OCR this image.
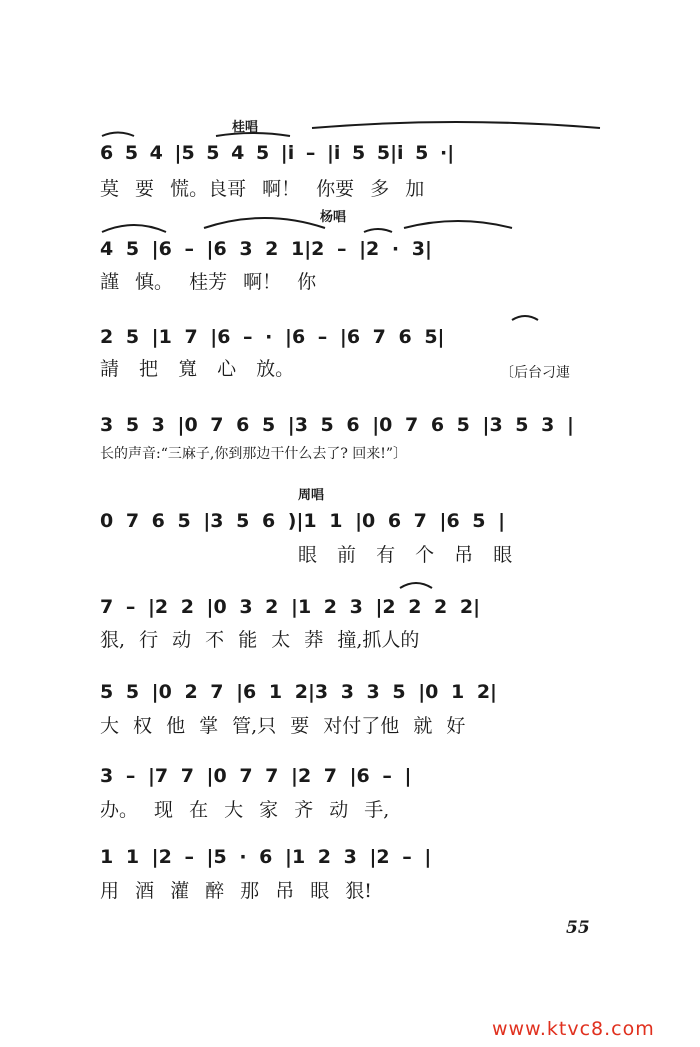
桂唱
6 5 4 |5 5 4 5 |i – |i 5 5|i 5 ·|
莫 要 慌。良哥 啊！ 你要 多 加
杨唱
4 5 |6 – |6 3 2 1|2 – |2 · 3|
謹 慎。 桂芳 啊！ 你
2 5 |1 7 |6 – · |6 – |6 7 6 5|
請 把 寬 心 放。	〔后台刁連
3 5 3 |0 7 6 5 |3 5 6 |0 7 6 5 |3 5 3 |
长的声音:“三麻子,你到那边干什么去了? 回来!”〕
周唱
0 7 6 5 |3 5 6 )|1 1 |0 6 7 |6 5 |
眼 前 有 个 吊 眼
7 – |2 2 |0 3 2 |1 2 3 |2 2 2 2|
狠, 行 动 不 能 太 莽 撞,抓人的
5 5 |0 2 7 |6 1 2|3 3 3 5 |0 1 2|
大 权 他 掌 管,只 要 对付了他 就 好
3 – |7 7 |0 7 7 |2 7 |6 – |
办。 现 在 大 家 齐 动 手,
1 1 |2 – |5 · 6 |1 2 3 |2 – |
用 酒 灌 醉 那 吊 眼 狠!
55
www.ktvc8.com
